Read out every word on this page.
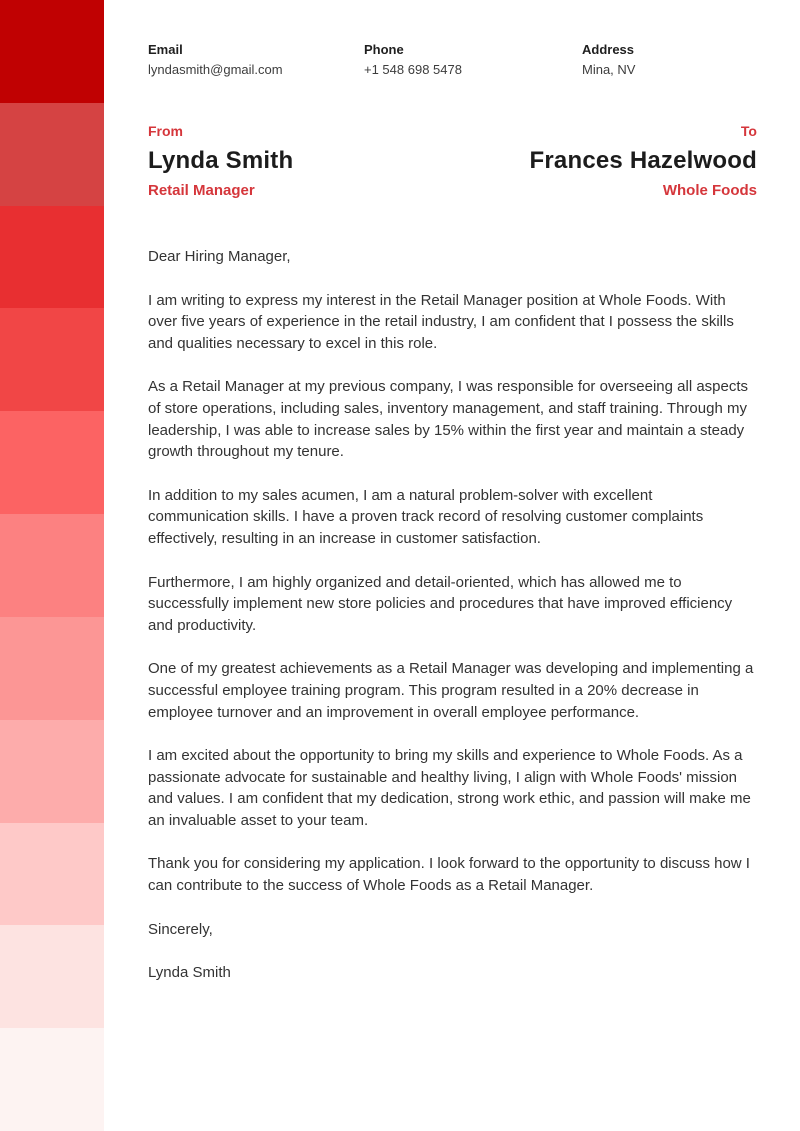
Email
lyndasmith@gmail.com
Phone
+1 548 698 5478
Address
Mina, NV
From
Lynda Smith
Retail Manager
To
Frances Hazelwood
Whole Foods

Dear Hiring Manager,

I am writing to express my interest in the Retail Manager position at Whole Foods. With over five years of experience in the retail industry, I am confident that I possess the skills and qualities necessary to excel in this role.

As a Retail Manager at my previous company, I was responsible for overseeing all aspects of store operations, including sales, inventory management, and staff training. Through my leadership, I was able to increase sales by 15% within the first year and maintain a steady growth throughout my tenure.

In addition to my sales acumen, I am a natural problem-solver with excellent communication skills. I have a proven track record of resolving customer complaints effectively, resulting in an increase in customer satisfaction.

Furthermore, I am highly organized and detail-oriented, which has allowed me to successfully implement new store policies and procedures that have improved efficiency and productivity.

One of my greatest achievements as a Retail Manager was developing and implementing a successful employee training program. This program resulted in a 20% decrease in employee turnover and an improvement in overall employee performance.

I am excited about the opportunity to bring my skills and experience to Whole Foods. As a passionate advocate for sustainable and healthy living, I align with Whole Foods' mission and values. I am confident that my dedication, strong work ethic, and passion will make me an invaluable asset to your team.

Thank you for considering my application. I look forward to the opportunity to discuss how I can contribute to the success of Whole Foods as a Retail Manager.

Sincerely,

Lynda Smith
